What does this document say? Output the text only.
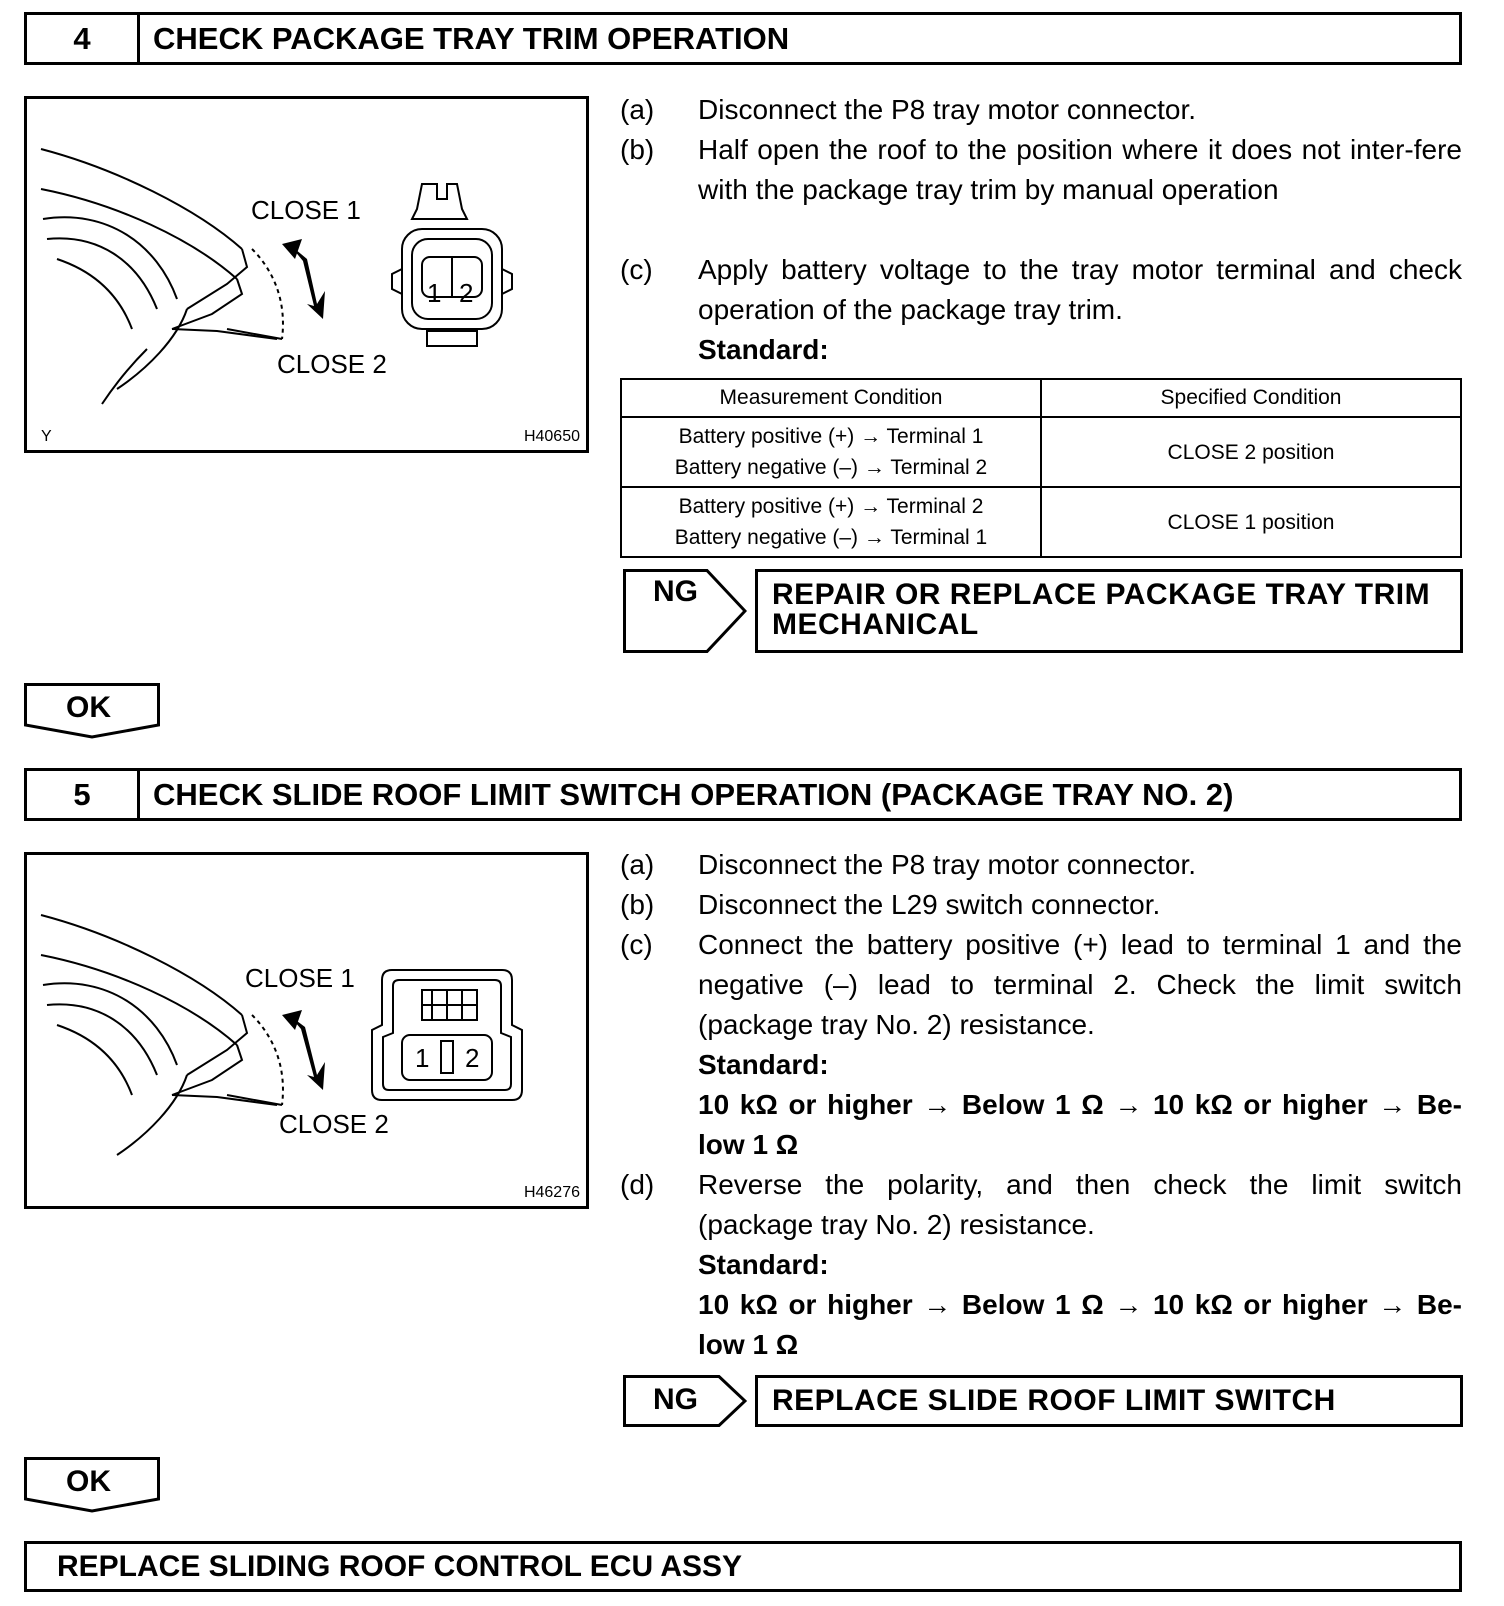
4	CHECK PACKAGE TRAY TRIM OPERATION
CLOSE 1
CLOSE 2
1 2
Y	H40650
(a)	Disconnect the P8 tray motor connector.
(b)	Half open the roof to the position where it does not inter-fere with the package tray trim by manual operation
(c)	Apply battery voltage to the tray motor terminal and check operation of the package tray trim.
Standard:
Measurement Condition	Specified Condition

Battery positive (+) → Terminal 1
Battery negative (–) → Terminal 2	CLOSE 2 position

Battery positive (+) → Terminal 2
Battery negative (–) → Terminal 1	CLOSE 1 position
NG	REPAIR OR REPLACE PACKAGE TRAY TRIM MECHANICAL
OK
5	CHECK SLIDE ROOF LIMIT SWITCH OPERATION (PACKAGE TRAY NO. 2)
CLOSE 1
CLOSE 2
1 2
H46276
(a)	Disconnect the P8 tray motor connector.
(b)	Disconnect the L29 switch connector.
(c)	Connect the battery positive (+) lead to terminal 1 and the negative (–) lead to terminal 2. Check the limit switch (package tray No. 2) resistance.
Standard:
10 kΩ or higher → Below 1 Ω → 10 kΩ or higher → Be-low 1 Ω
(d)	Reverse the polarity, and then check the limit switch (package tray No. 2) resistance.
Standard:
10 kΩ or higher → Below 1 Ω → 10 kΩ or higher → Be-low 1 Ω
NG	REPLACE SLIDE ROOF LIMIT SWITCH
OK
REPLACE SLIDING ROOF CONTROL ECU ASSY
